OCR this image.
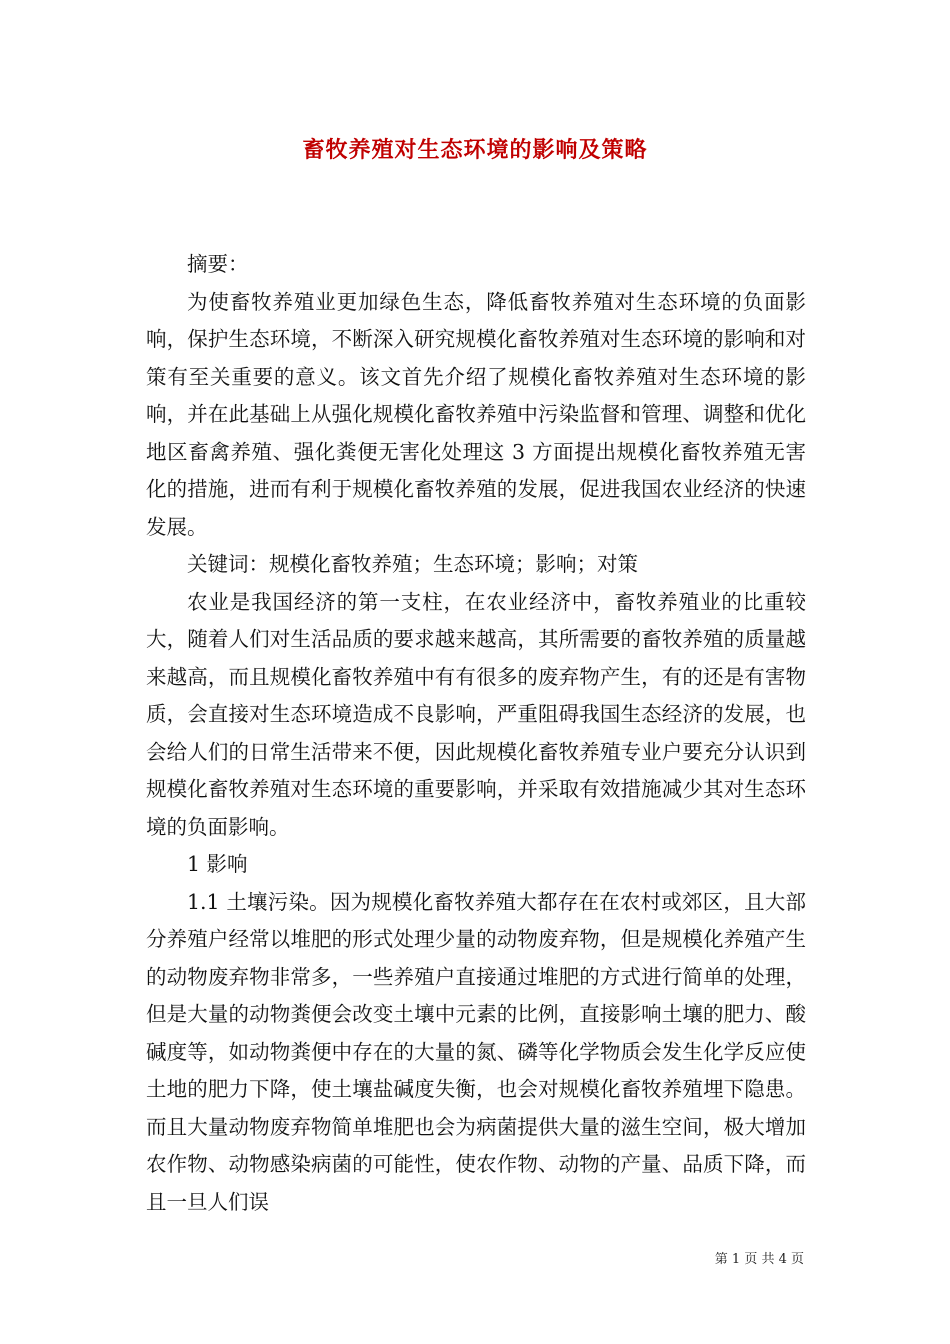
畜牧养殖对生态环境的影响及策略

摘要：

为使畜牧养殖业更加绿色生态，降低畜牧养殖对生态环境的负面影响，保护生态环境，不断深入研究规模化畜牧养殖对生态环境的影响和对策有至关重要的意义。该文首先介绍了规模化畜牧养殖对生态环境的影响，并在此基础上从强化规模化畜牧养殖中污染监督和管理、调整和优化地区畜禽养殖、强化粪便无害化处理这 3 方面提出规模化畜牧养殖无害化的措施，进而有利于规模化畜牧养殖的发展，促进我国农业经济的快速发展。

关键词：规模化畜牧养殖；生态环境；影响；对策

农业是我国经济的第一支柱，在农业经济中，畜牧养殖业的比重较大，随着人们对生活品质的要求越来越高，其所需要的畜牧养殖的质量越来越高，而且规模化畜牧养殖中有有很多的废弃物产生，有的还是有害物质，会直接对生态环境造成不良影响，严重阻碍我国生态经济的发展，也会给人们的日常生活带来不便，因此规模化畜牧养殖专业户要充分认识到规模化畜牧养殖对生态环境的重要影响，并采取有效措施减少其对生态环境的负面影响。

1 影响

1.1 土壤污染。因为规模化畜牧养殖大都存在在农村或郊区，且大部分养殖户经常以堆肥的形式处理少量的动物废弃物，但是规模化养殖产生的动物废弃物非常多，一些养殖户直接通过堆肥的方式进行简单的处理，但是大量的动物粪便会改变土壤中元素的比例，直接影响土壤的肥力、酸碱度等，如动物粪便中存在的大量的氮、磷等化学物质会发生化学反应使土地的肥力下降，使土壤盐碱度失衡，也会对规模化畜牧养殖埋下隐患。而且大量动物废弃物简单堆肥也会为病菌提供大量的滋生空间，极大增加农作物、动物感染病菌的可能性，使农作物、动物的产量、品质下降，而且一旦人们误

第 1 页 共 4 页
